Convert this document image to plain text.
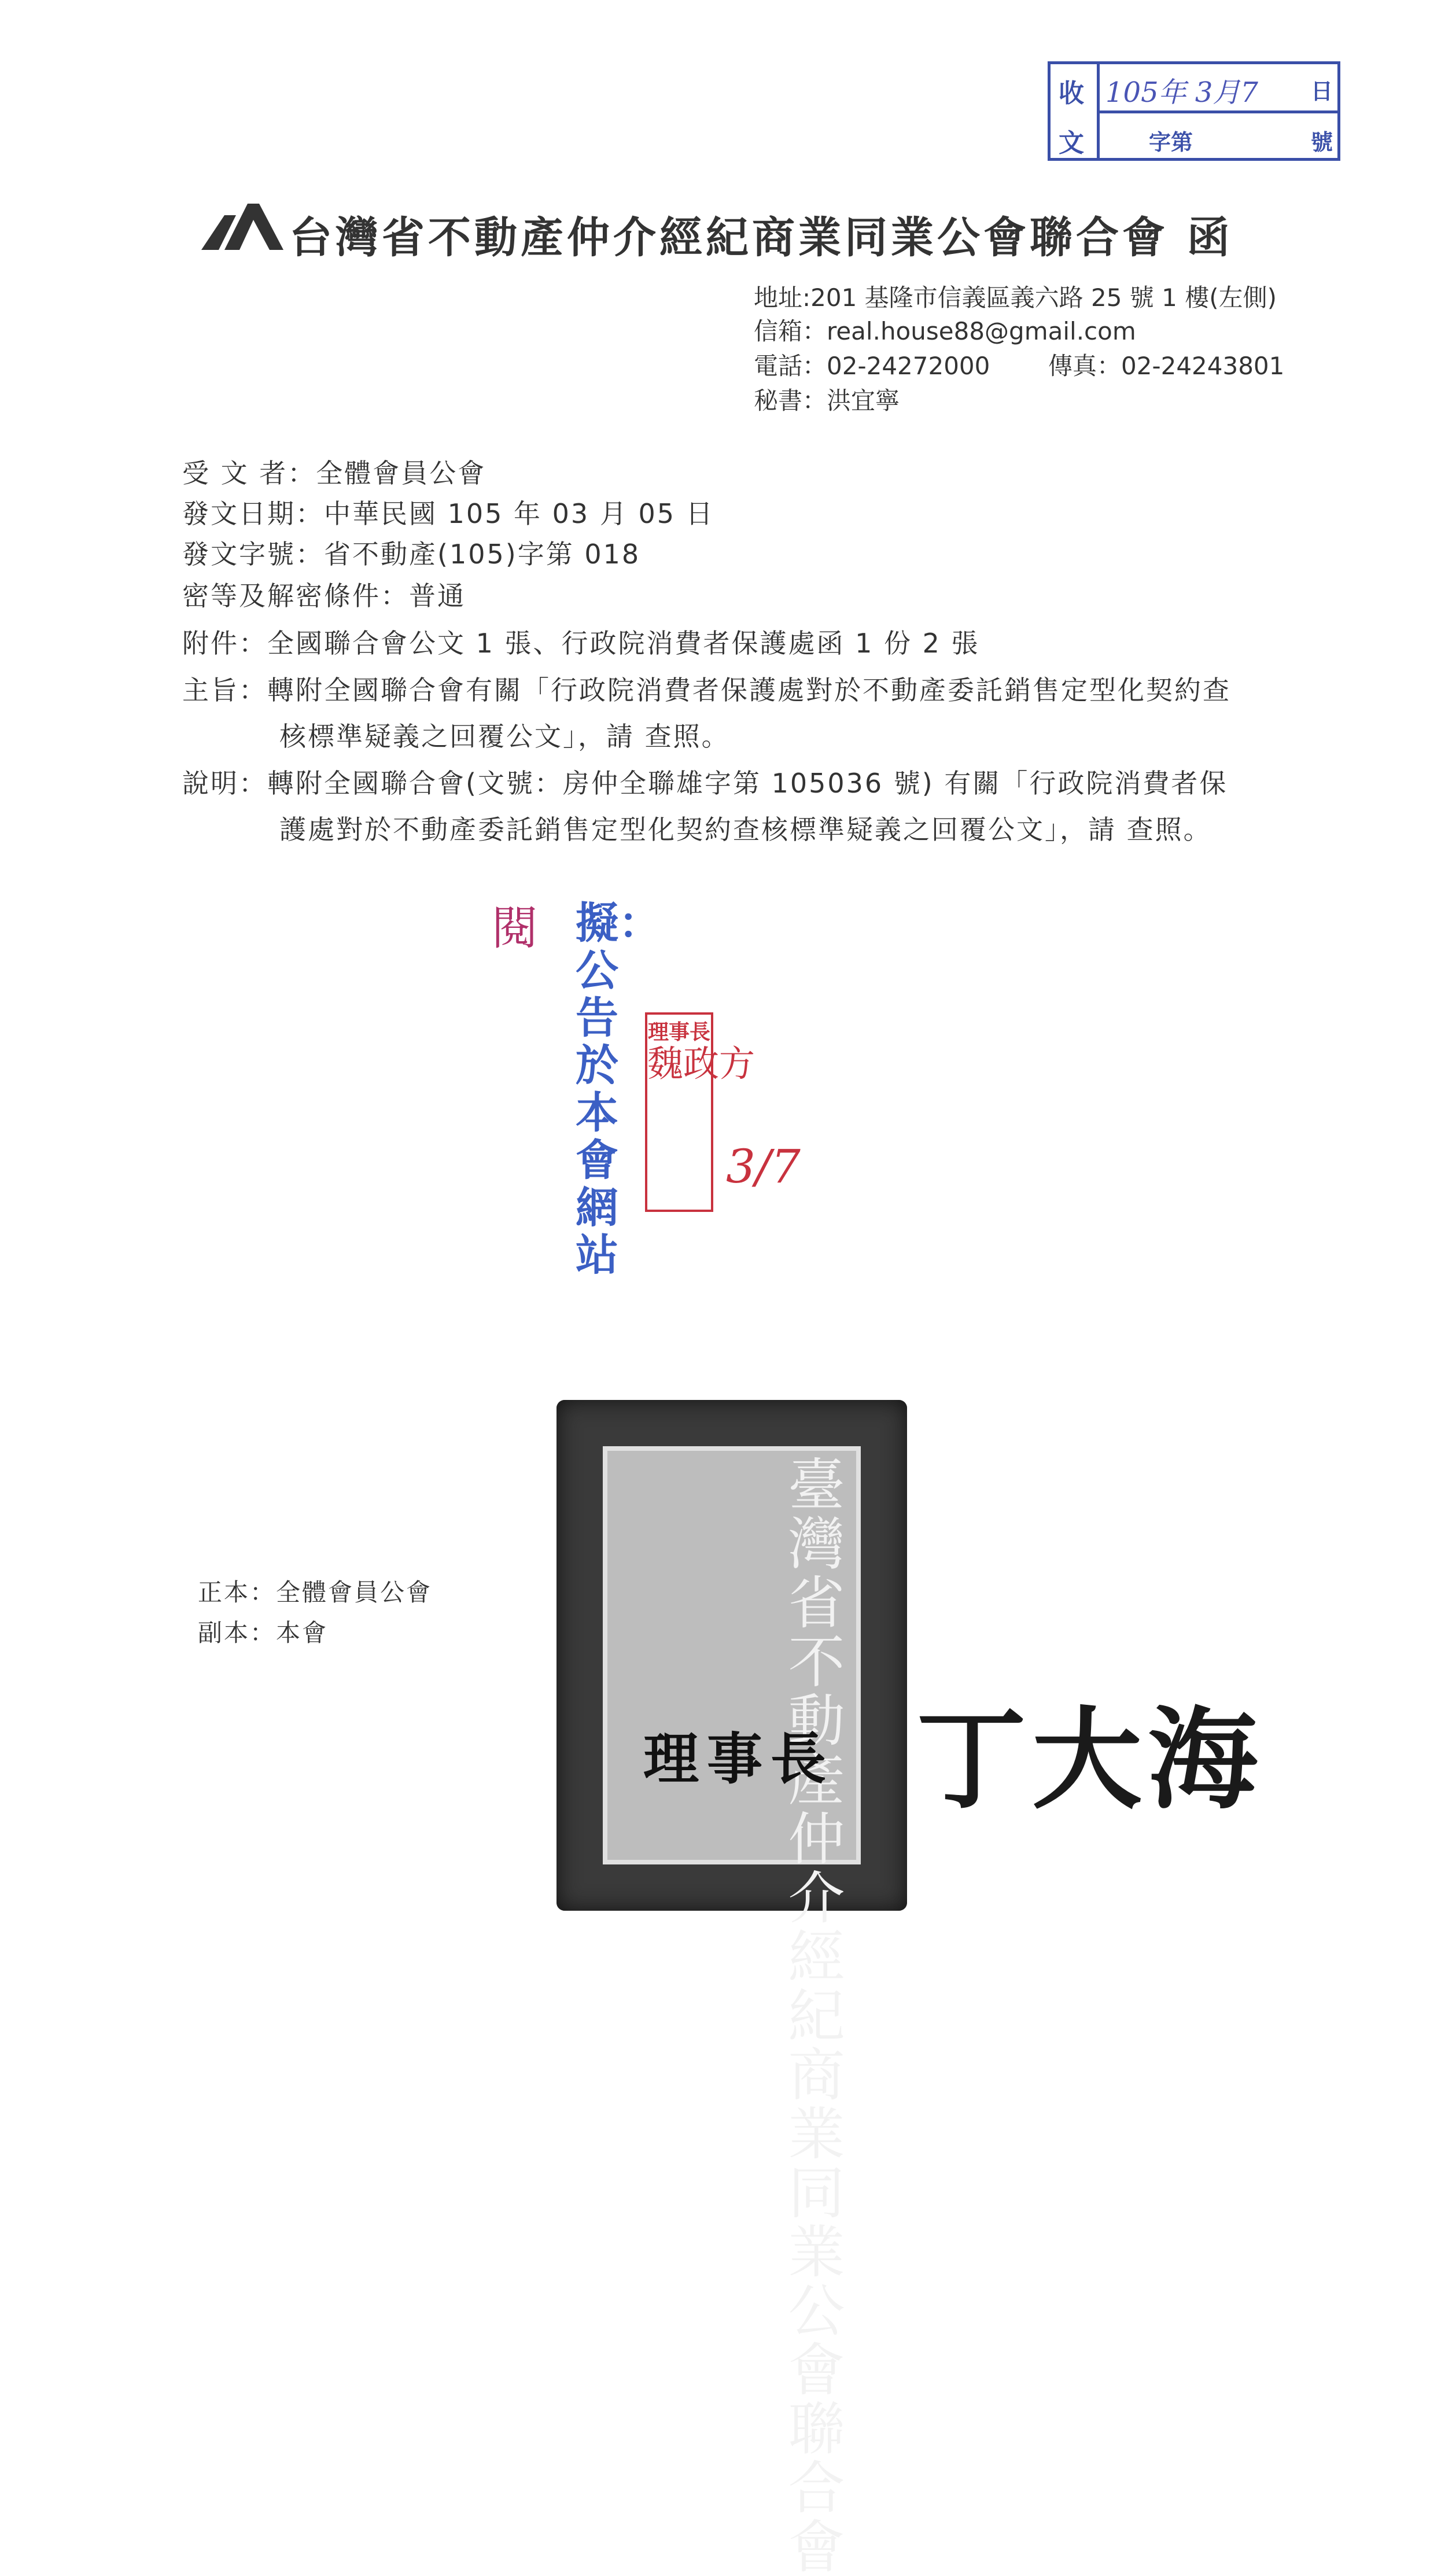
收
文
105年 3月7 日
字第	號
台灣省不動產仲介經紀商業同業公會聯合會 函
地址:201 基隆市信義區義六路 25 號 1 樓(左側)
信箱：real.house88@gmail.com
電話：02-24272000 傳真：02-24243801
秘書：洪宜寧
受 文 者：全體會員公會
發文日期：中華民國 105 年 03 月 05 日
發文字號：省不動產(105)字第 018
密等及解密條件：普通
附件：全國聯合會公文 1 張、行政院消費者保護處函 1 份 2 張
主旨：轉附全國聯合會有關「行政院消費者保護處對於不動產委託銷售定型化契約查
核標準疑義之回覆公文」，請 查照。
說明：轉附全國聯合會(文號：房仲全聯雄字第 105036 號) 有關「行政院消費者保
護處對於不動產委託銷售定型化契約查核標準疑義之回覆公文」，請 查照。
閱 擬：公告於本會網站
理事長
魏政方
3/7
正本：全體會員公會
副本：本會	臺灣省不動產仲介經紀商業同業公會聯合會
理事長 丁大海
